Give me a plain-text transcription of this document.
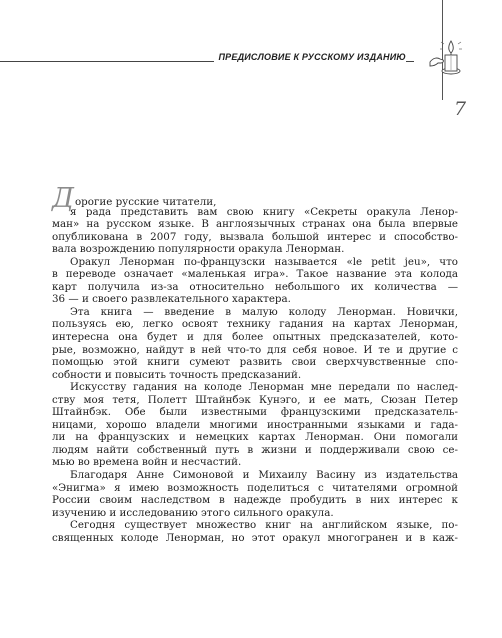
ПРЕДИСЛОВИЕ К РУССКОМУ ИЗДАНИЮ
7
Дорогие русские читатели,
я рада представить вам свою книгу «Секреты оракула Ленор-
ман» на русском языке. В англоязычных странах она была впервые
опубликована в 2007 году, вызвала большой интерес и способство-
вала возрождению популярности оракула Ленорман.
Оракул Ленорман по-французски называется «le petit jeu», что
в переводе означает «маленькая игра». Такое название эта колода
карт получила из-за относительно небольшого их количества —
36 — и своего развлекательного характера.
Эта книга — введение в малую колоду Ленорман. Новички,
пользуясь ею, легко освоят технику гадания на картах Ленорман,
интересна она будет и для более опытных предсказателей, кото-
рые, возможно, найдут в ней что-то для себя новое. И те и другие с
помощью этой книги сумеют развить свои сверхчувственные спо-
собности и повысить точность предсказаний.
Искусству гадания на колоде Ленорман мне передали по наслед-
ству моя тетя, Полетт Штайнбэк Кунэго, и ее мать, Сюзан Петер
Штайнбэк. Обе были известными французскими предсказатель-
ницами, хорошо владели многими иностранными языками и гада-
ли на французских и немецких картах Ленорман. Они помогали
людям найти собственный путь в жизни и поддерживали свою се-
мью во времена войн и несчастий.
Благодаря Анне Симоновой и Михаилу Васину из издательства
«Энигма» я имею возможность поделиться с читателями огромной
России своим наследством в надежде пробудить в них интерес к
изучению и исследованию этого сильного оракула.
Сегодня существует множество книг на английском языке, по-
священных колоде Ленорман, но этот оракул многогранен и в каж-
